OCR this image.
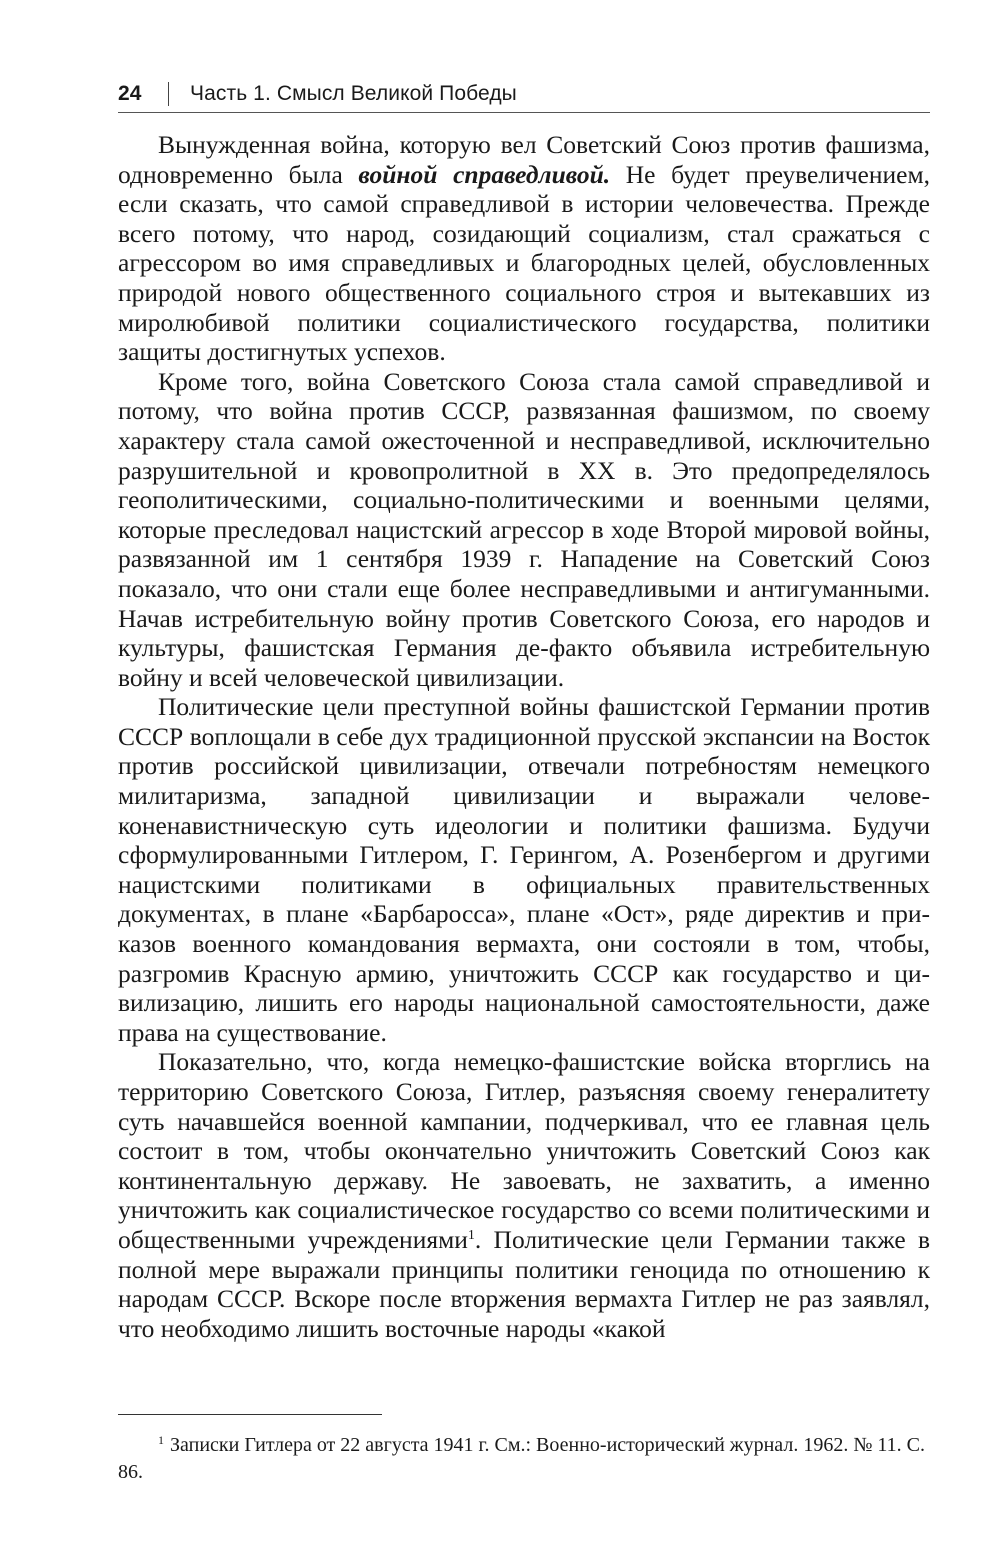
24 Часть 1. Смысл Великой Победы

Вынужденная война, которую вел Советский Союз против фашизма, одновременно была войной справедливой. Не будет преувеличением, если сказать, что самой справедливой в истории человечества. Прежде всего потому, что народ, созидающий социализм, стал сражаться с агрессором во имя справедливых и благородных целей, обусловленных природой нового общественного социального строя и вытекавших из миролюбивой политики социалистического государства, политики защиты достигнутых успехов.

Кроме того, война Советского Союза стала самой справедливой и потому, что война против СССР, развязанная фашизмом, по своему характеру стала самой ожесточенной и несправедливой, исключительно разрушительной и кровопролитной в XX в. Это предопределялось геополитическими, социально-политическими и военными целями, которые преследовал нацистский агрессор в ходе Второй мировой войны, развязанной им 1 сентября 1939 г. Нападение на Советский Союз показало, что они стали еще более несправедливыми и антигуманными. Начав истребительную войну против Советского Союза, его народов и культуры, фашистская Германия де-факто объявила истребительную войну и всей человеческой цивилизации.

Политические цели преступной войны фашистской Германии против СССР воплощали в себе дух традиционной прусской экспансии на Восток против российской цивилизации, отвечали потребностям немецкого милитаризма, западной цивилизации и выражали человеконенавистническую суть идеологии и политики фашизма. Будучи сформулированными Гитлером, Г. Герингом, А. Розенбергом и другими нацистскими политиками в официальных правительственных документах, в плане «Барбаросса», плане «Ост», ряде директив и приказов военного командования вермахта, они состояли в том, чтобы, разгромив Красную армию, уничтожить СССР как государство и цивилизацию, лишить его народы национальной самостоятельности, даже права на существование.

Показательно, что, когда немецко-фашистские войска вторглись на территорию Советского Союза, Гитлер, разъясняя своему генералитету суть начавшейся военной кампании, подчеркивал, что ее главная цель состоит в том, чтобы окончательно уничтожить Советский Союз как континентальную державу. Не завоевать, не захватить, а именно уничтожить как социалистическое государство со всеми политическими и общественными учреждениями$^1$. Политические цели Германии также в полной мере выражали принципы политики геноцида по отношению к народам СССР. Вскоре после вторжения вермахта Гитлер не раз заявлял, что необходимо лишить восточные народы «какой

$^1$ Записки Гитлера от 22 августа 1941 г. См.: Военно-исторический журнал. 1962. № 11. С. 86.
